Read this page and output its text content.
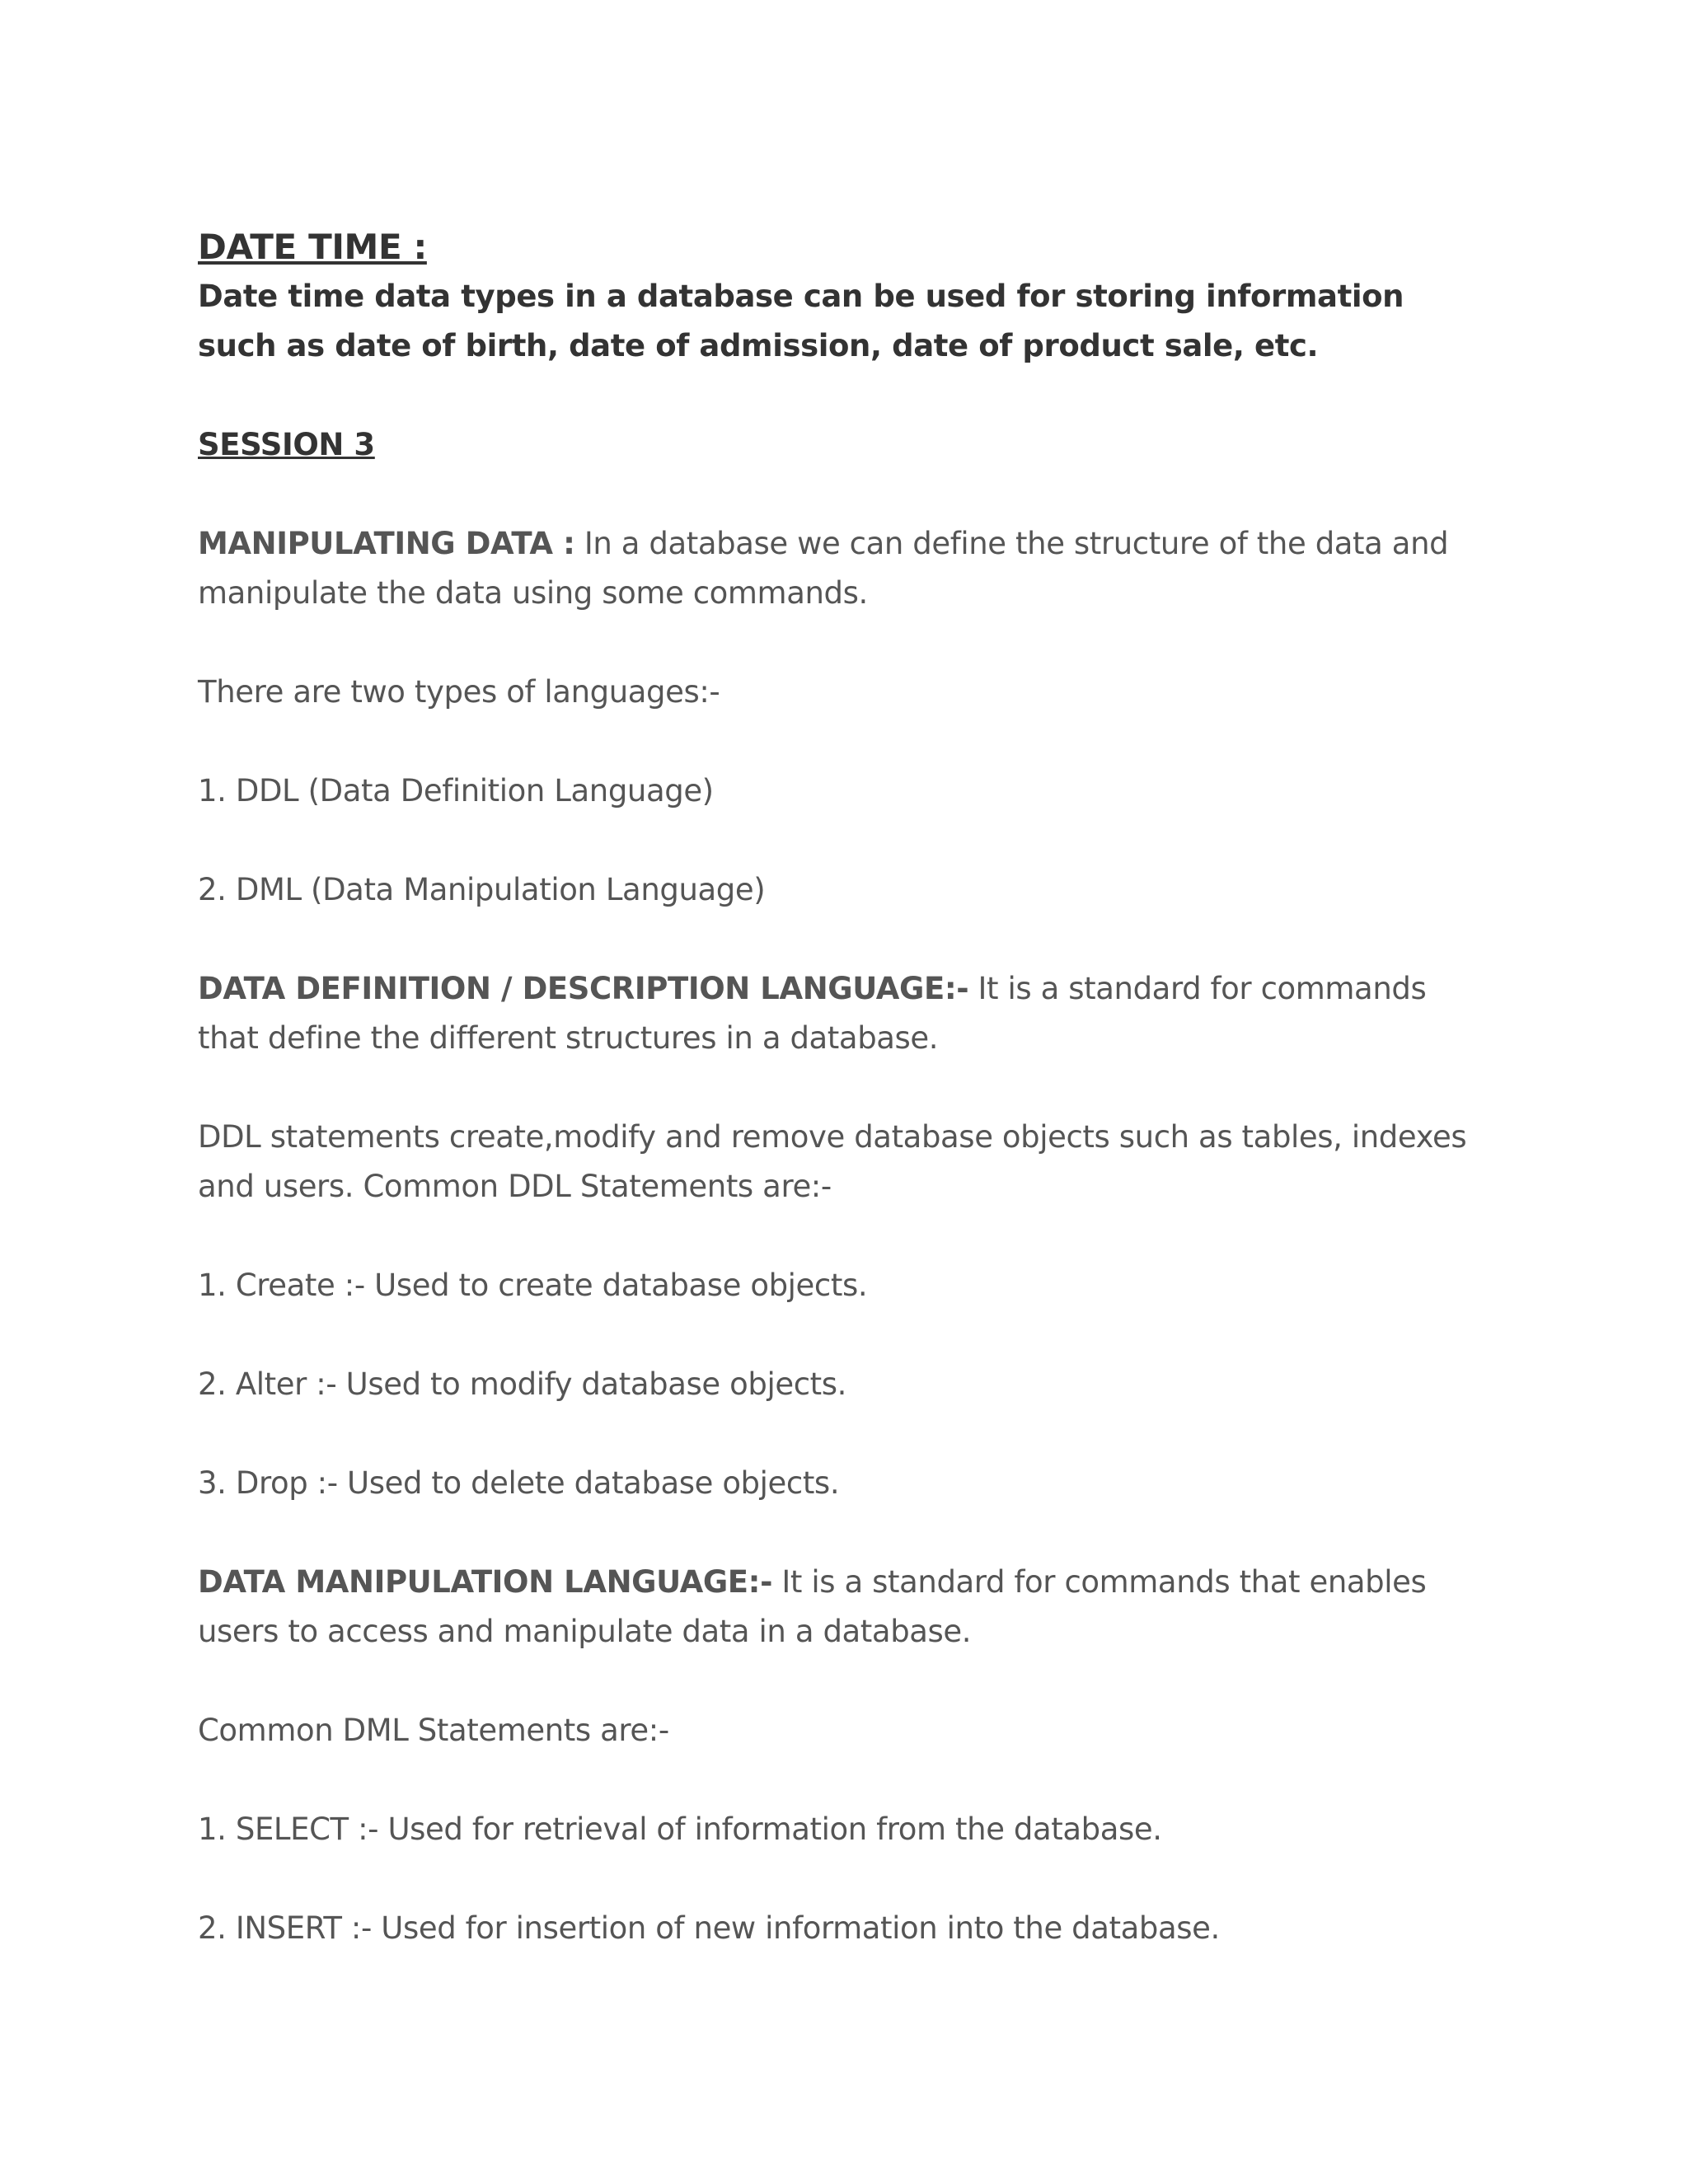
DATE TIME :

Date time data types in a database can be used for storing information such as date of birth, date of admission, date of product sale, etc.

SESSION 3

MANIPULATING DATA : In a database we can define the structure of the data and manipulate the data using some commands.

There are two types of languages:-

1. DDL (Data Definition Language)

2. DML (Data Manipulation Language)

DATA DEFINITION / DESCRIPTION LANGUAGE:- It is a standard for commands that define the different structures in a database.

DDL statements create,modify and remove database objects such as tables, indexes and users. Common DDL Statements are:-

1. Create :- Used to create database objects.

2. Alter :- Used to modify database objects.

3. Drop :- Used to delete database objects.

DATA MANIPULATION LANGUAGE:- It is a standard for commands that enables users to access and manipulate data in a database.

Common DML Statements are:-

1. SELECT :- Used for retrieval of information from the database.

2. INSERT :- Used for insertion of new information into the database.
